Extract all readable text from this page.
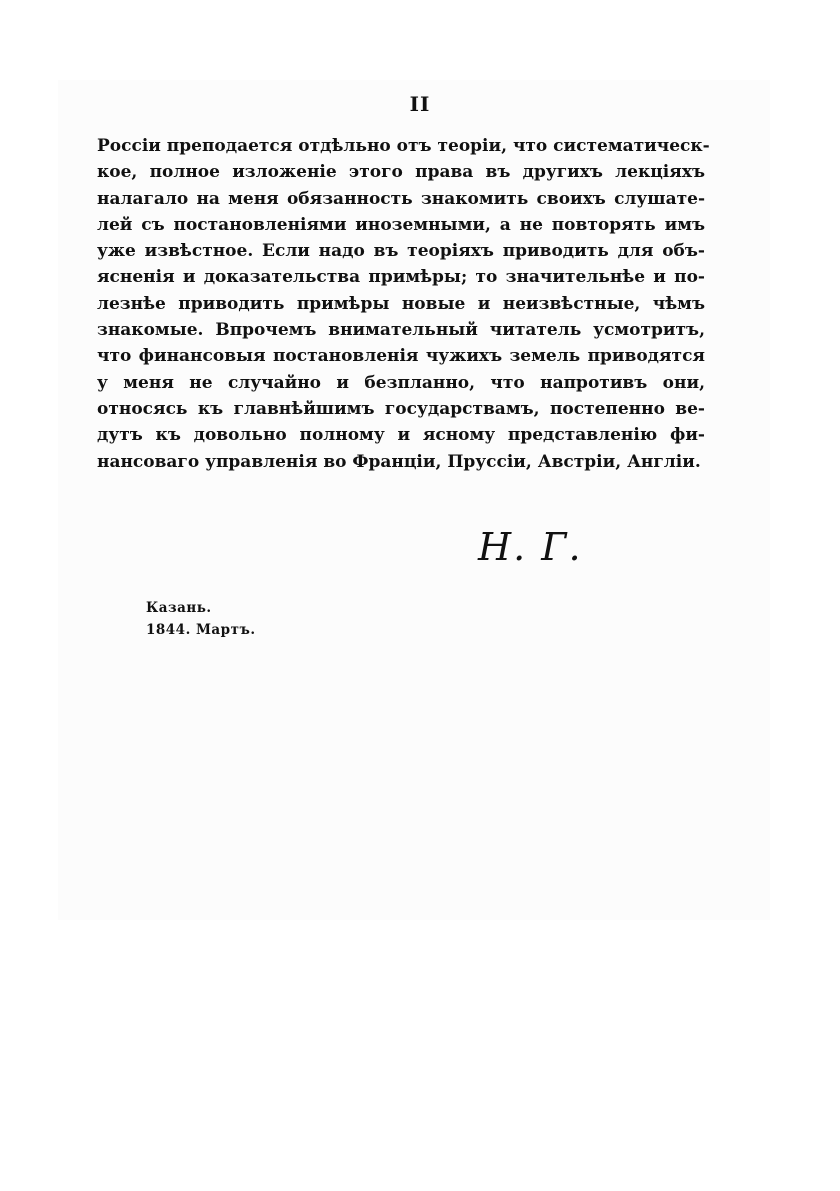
II
Россіи преподается отдѣльно отъ теоріи, что систематическ-
кое, полное изложеніе этого права въ другихъ лекціяхъ
налагало на меня обязанность знакомить своихъ слушате-
лей съ постановленіями иноземными, а не повторять имъ
уже извѣстное. Если надо въ теоріяхъ приводить для объ-
ясненія и доказательства примѣры; то значительнѣе и по-
лезнѣе приводить примѣры новые и неизвѣстные, чѣмъ
знакомые. Впрочемъ внимательный читатель усмотритъ,
что финансовыя постановленія чужихъ земель приводятся
у меня не случайно и безпланно, что напротивъ они,
относясь къ главнѣйшимъ государствамъ, постепенно ве-
дутъ къ довольно полному и ясному представленію фи-
нансоваго управленія во Франціи, Пруссіи, Австріи, Англіи.
Н. Г.
Казань.
1844. Мартъ.
